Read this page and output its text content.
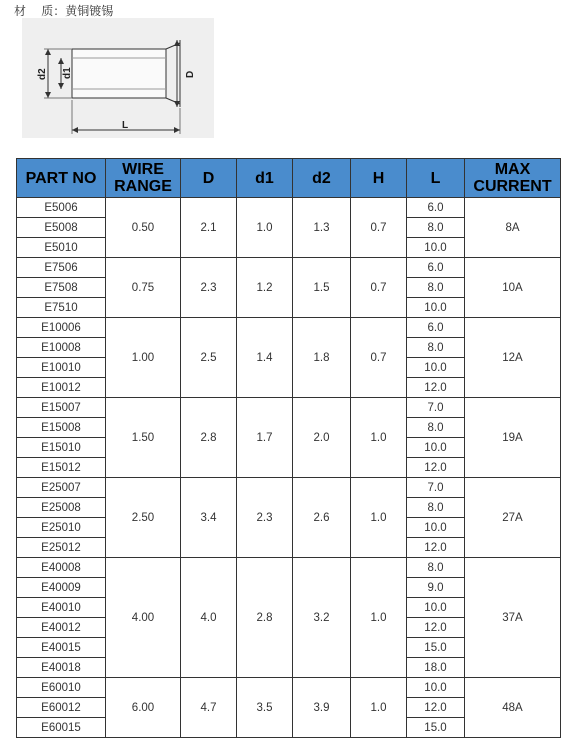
材    质：黄铜镀锡
d2 d1	D
L
PART NO	WIRE RANGE	D	d1	d2	H	L	MAX CURRENT
E5006	0.50	2.1	1.0	1.3	0.7	6.0	8A
E5008						8.0	
E5010						10.0	
E7506	0.75	2.3	1.2	1.5	0.7	6.0	10A
E7508						8.0	
E7510						10.0	
E10006	1.00	2.5	1.4	1.8	0.7	6.0	12A
E10008						8.0	
E10010						10.0	
E10012						12.0	
E15007	1.50	2.8	1.7	2.0	1.0	7.0	19A
E15008						8.0	
E15010						10.0	
E15012						12.0	
E25007	2.50	3.4	2.3	2.6	1.0	7.0	27A
E25008						8.0	
E25010						10.0	
E25012						12.0	
E40008	4.00	4.0	2.8	3.2	1.0	8.0	37A
E40009						9.0	
E40010						10.0	
E40012						12.0	
E40015						15.0	
E40018						18.0	
E60010	6.00	4.7	3.5	3.9	1.0	10.0	48A
E60012						12.0	
E60015						15.0	
